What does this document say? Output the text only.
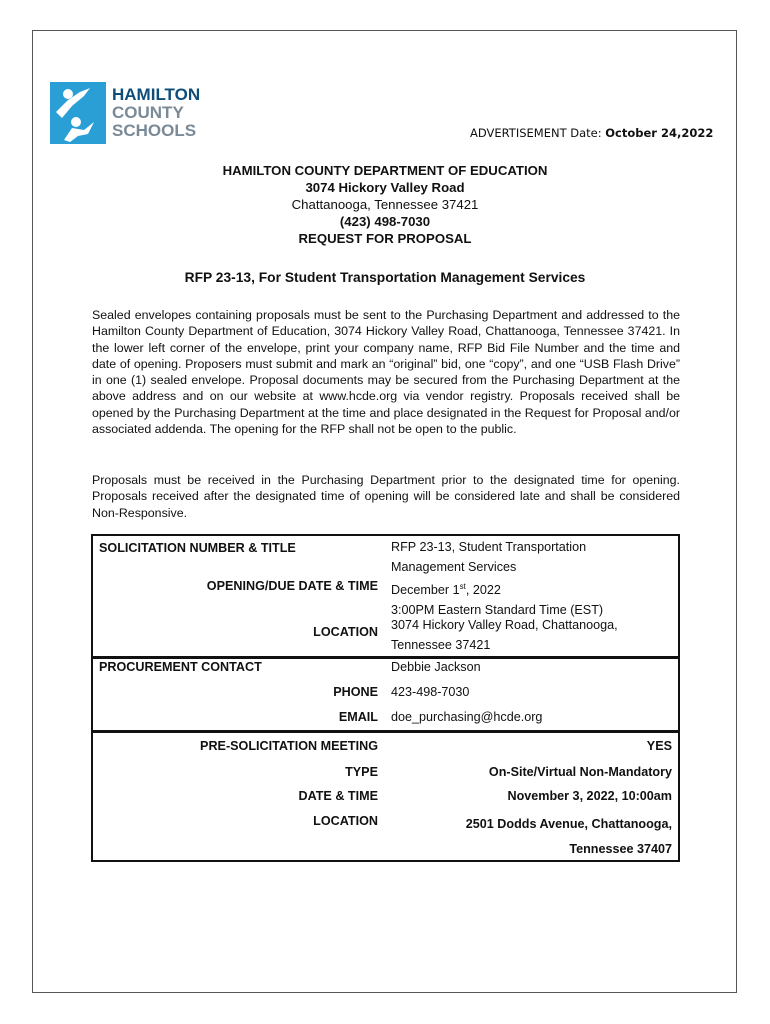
HAMILTON
COUNTY
SCHOOLS	ADVERTISEMENT Date: October 24,2022
HAMILTON COUNTY DEPARTMENT OF EDUCATION
3074 Hickory Valley Road
Chattanooga, Tennessee 37421
(423) 498-7030
REQUEST FOR PROPOSAL
RFP 23-13, For Student Transportation Management Services
Sealed envelopes containing proposals must be sent to the Purchasing Department and addressed to the Hamilton County Department of Education, 3074 Hickory Valley Road, Chattanooga, Tennessee 37421. In the lower left corner of the envelope, print your company name, RFP Bid File Number and the time and date of opening. Proposers must submit and mark an “original” bid, one “copy”, and one “USB Flash Drive” in one (1) sealed envelope. Proposal documents may be secured from the Purchasing Department at the above address and on our website at www.hcde.org via vendor registry. Proposals received shall be opened by the Purchasing Department at the time and place designated in the Request for Proposal and/or associated addenda. The opening for the RFP shall not be open to the public.
Proposals must be received in the Purchasing Department prior to the designated time for opening. Proposals received after the designated time of opening will be considered late and shall be considered Non-Responsive.
SOLICITATION NUMBER & TITLE	RFP 23-13, Student Transportation
Management Services
OPENING/DUE DATE & TIME December 1st, 2022
3:00PM Eastern Standard Time (EST)
LOCATION 3074 Hickory Valley Road, Chattanooga,
Tennessee 37421
PROCUREMENT CONTACT	Debbie Jackson
PHONE 423-498-7030
EMAIL doe_purchasing@hcde.org
PRE-SOLICITATION MEETING	YES
TYPE	On-Site/Virtual Non-Mandatory
DATE & TIME	November 3, 2022, 10:00am
LOCATION	2501 Dodds Avenue, Chattanooga,
Tennessee 37407
